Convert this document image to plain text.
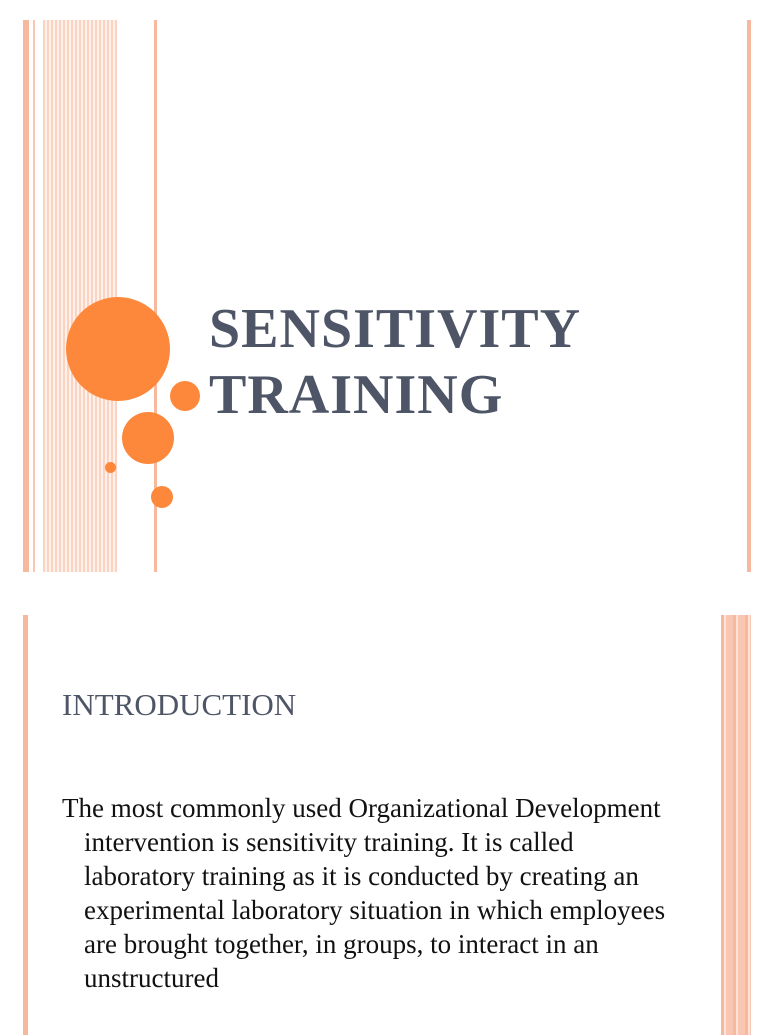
SENSITIVITY
TRAINING
INTRODUCTION

The most commonly used Organizational Development intervention is sensitivity training. It is called laboratory training as it is conducted by creating an experimental laboratory situation in which employees are brought together, in groups, to interact in an unstructured
